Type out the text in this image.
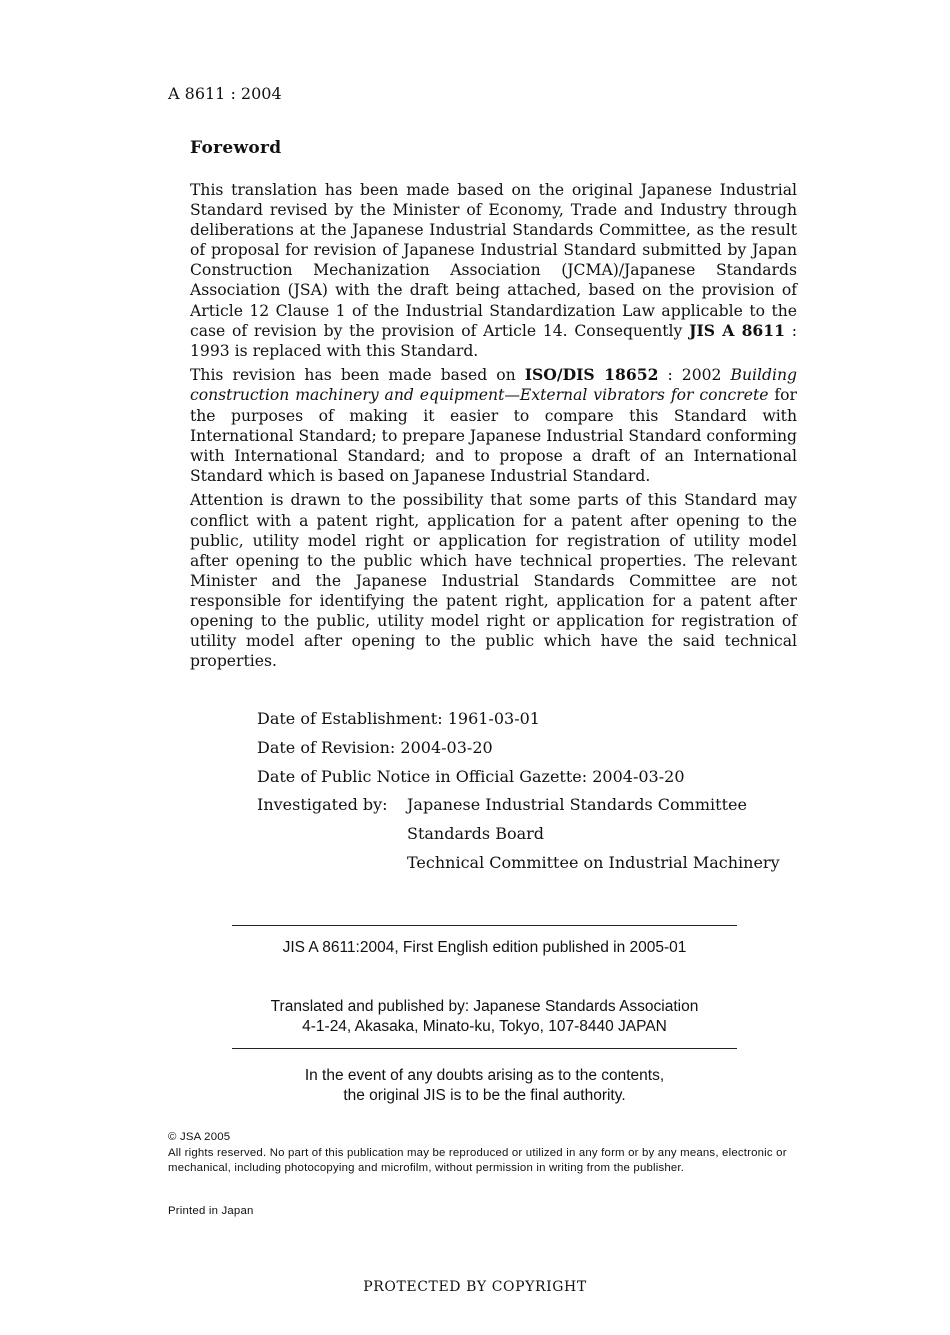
A 8611 : 2004
Foreword

This translation has been made based on the original Japanese Industrial Standard revised by the Minister of Economy, Trade and Industry through deliberations at the Japanese Industrial Standards Committee, as the result of proposal for revision of Japanese Industrial Standard submitted by Japan Construction Mechanization Association (JCMA)/Japanese Standards Association (JSA) with the draft being attached, based on the provision of Article 12 Clause 1 of the Industrial Standardization Law applicable to the case of revision by the provision of Article 14. Consequently JIS A 8611 : 1993 is replaced with this Standard.

This revision has been made based on ISO/DIS 18652 : 2002 Building construction machinery and equipment—External vibrators for concrete for the purposes of making it easier to compare this Standard with International Standard; to prepare Japanese Industrial Standard conforming with International Standard; and to propose a draft of an International Standard which is based on Japanese Industrial Standard.

Attention is drawn to the possibility that some parts of this Standard may conflict with a patent right, application for a patent after opening to the public, utility model right or application for registration of utility model after opening to the public which have technical properties. The relevant Minister and the Japanese Industrial Standards Committee are not responsible for identifying the patent right, application for a patent after opening to the public, utility model right or application for registration of utility model after opening to the public which have the said technical properties.

Date of Establishment:
1961-03-01
Date of Revision:
2004-03-20
Date of Public Notice in Official Gazette:
2004-03-20
Investigated by:	Japanese Industrial Standards Committee
Standards Board
Technical Committee on Industrial Machinery
JIS A 8611:2004, First English edition published in 2005-01
Translated and published by: Japanese Standards Association
4-1-24, Akasaka, Minato-ku, Tokyo, 107-8440 JAPAN
In the event of any doubts arising as to the contents,
the original JIS is to be the final authority.
© JSA 2005
All rights reserved. No part of this publication may be reproduced or utilized in any form or by any means, electronic or mechanical, including photocopying and microfilm, without permission in writing from the publisher.
Printed in Japan
PROTECTED BY COPYRIGHT
